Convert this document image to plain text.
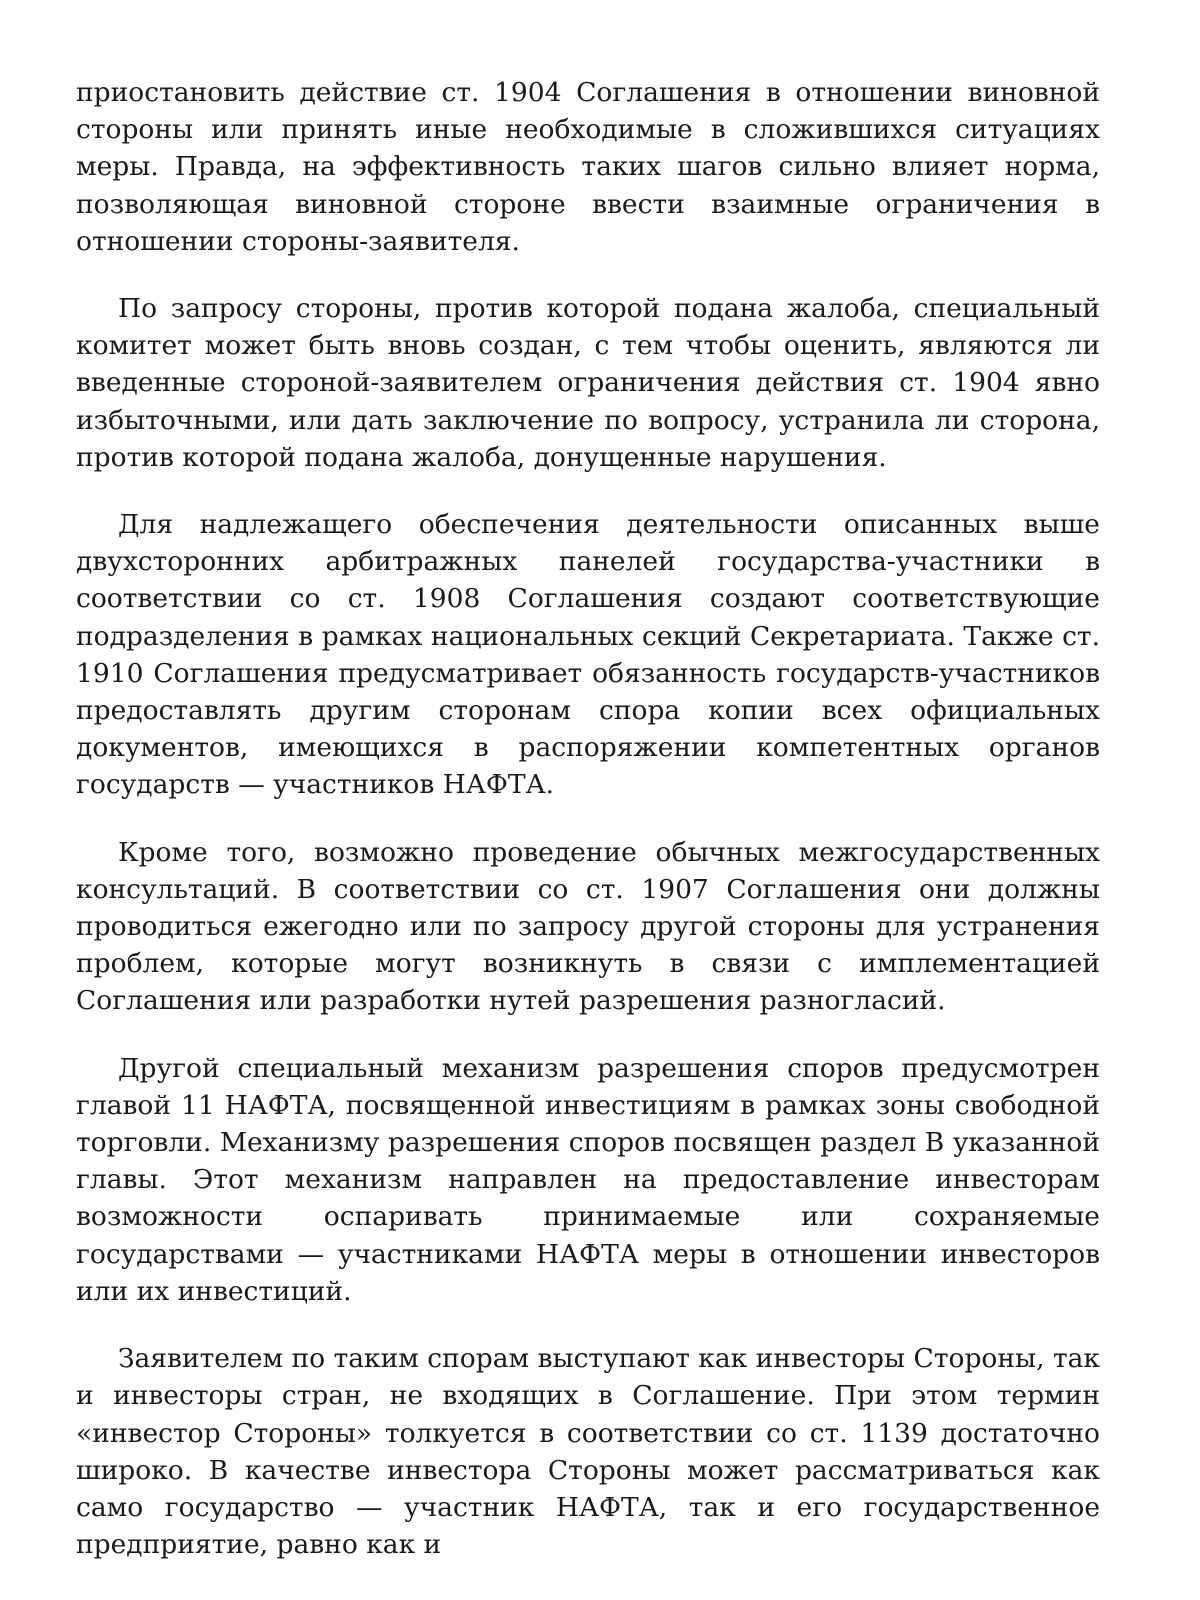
приостановить действие ст. 1904 Соглашения в отношении виновной стороны или принять иные необходимые в сложившихся ситуациях меры. Правда, на эффективность таких шагов сильно влияет норма, позволяющая виновной стороне ввести взаимные ограничения в отношении стороны-заявителя.

По запросу стороны, против которой подана жалоба, специальный комитет может быть вновь создан, с тем чтобы оценить, являются ли введенные стороной-заявителем ограничения действия ст. 1904 явно избыточными, или дать заключение по вопросу, устранила ли сторона, против которой подана жалоба, донущенные нарушения.

Для надлежащего обеспечения деятельности описанных выше двухсторонних арбитражных панелей государства-участники в соответствии со ст. 1908 Соглашения создают соответствующие подразделения в рамках национальных секций Секретариата. Также ст. 1910 Соглашения предусматривает обязанность государств-участников предоставлять другим сторонам спора копии всех официальных документов, имеющихся в распоряжении компетентных органов государств — участников НАФТА.

Кроме того, возможно проведение обычных межгосударственных консультаций. В соответствии со ст. 1907 Соглашения они должны проводиться ежегодно или по запросу другой стороны для устранения проблем, которые могут возникнуть в связи с имплементацией Соглашения или разработки нутей разрешения разногласий.

Другой специальный механизм разрешения споров предусмотрен главой 11 НАФТА, посвященной инвестициям в рамках зоны свободной торговли. Механизму разрешения споров посвящен раздел B указанной главы. Этот механизм направлен на предоставление инвесторам возможности оспаривать принимаемые или сохраняемые государствами — участниками НАФТА меры в отношении инвесторов или их инвестиций.

Заявителем по таким спорам выступают как инвесторы Стороны, так и инвесторы стран, не входящих в Соглашение. При этом термин «инвестор Стороны» толкуется в соответствии со ст. 1139 достаточно широко. В качестве инвестора Стороны может рассматриваться как само государство — участник НАФТА, так и его государственное предприятие, равно как и
